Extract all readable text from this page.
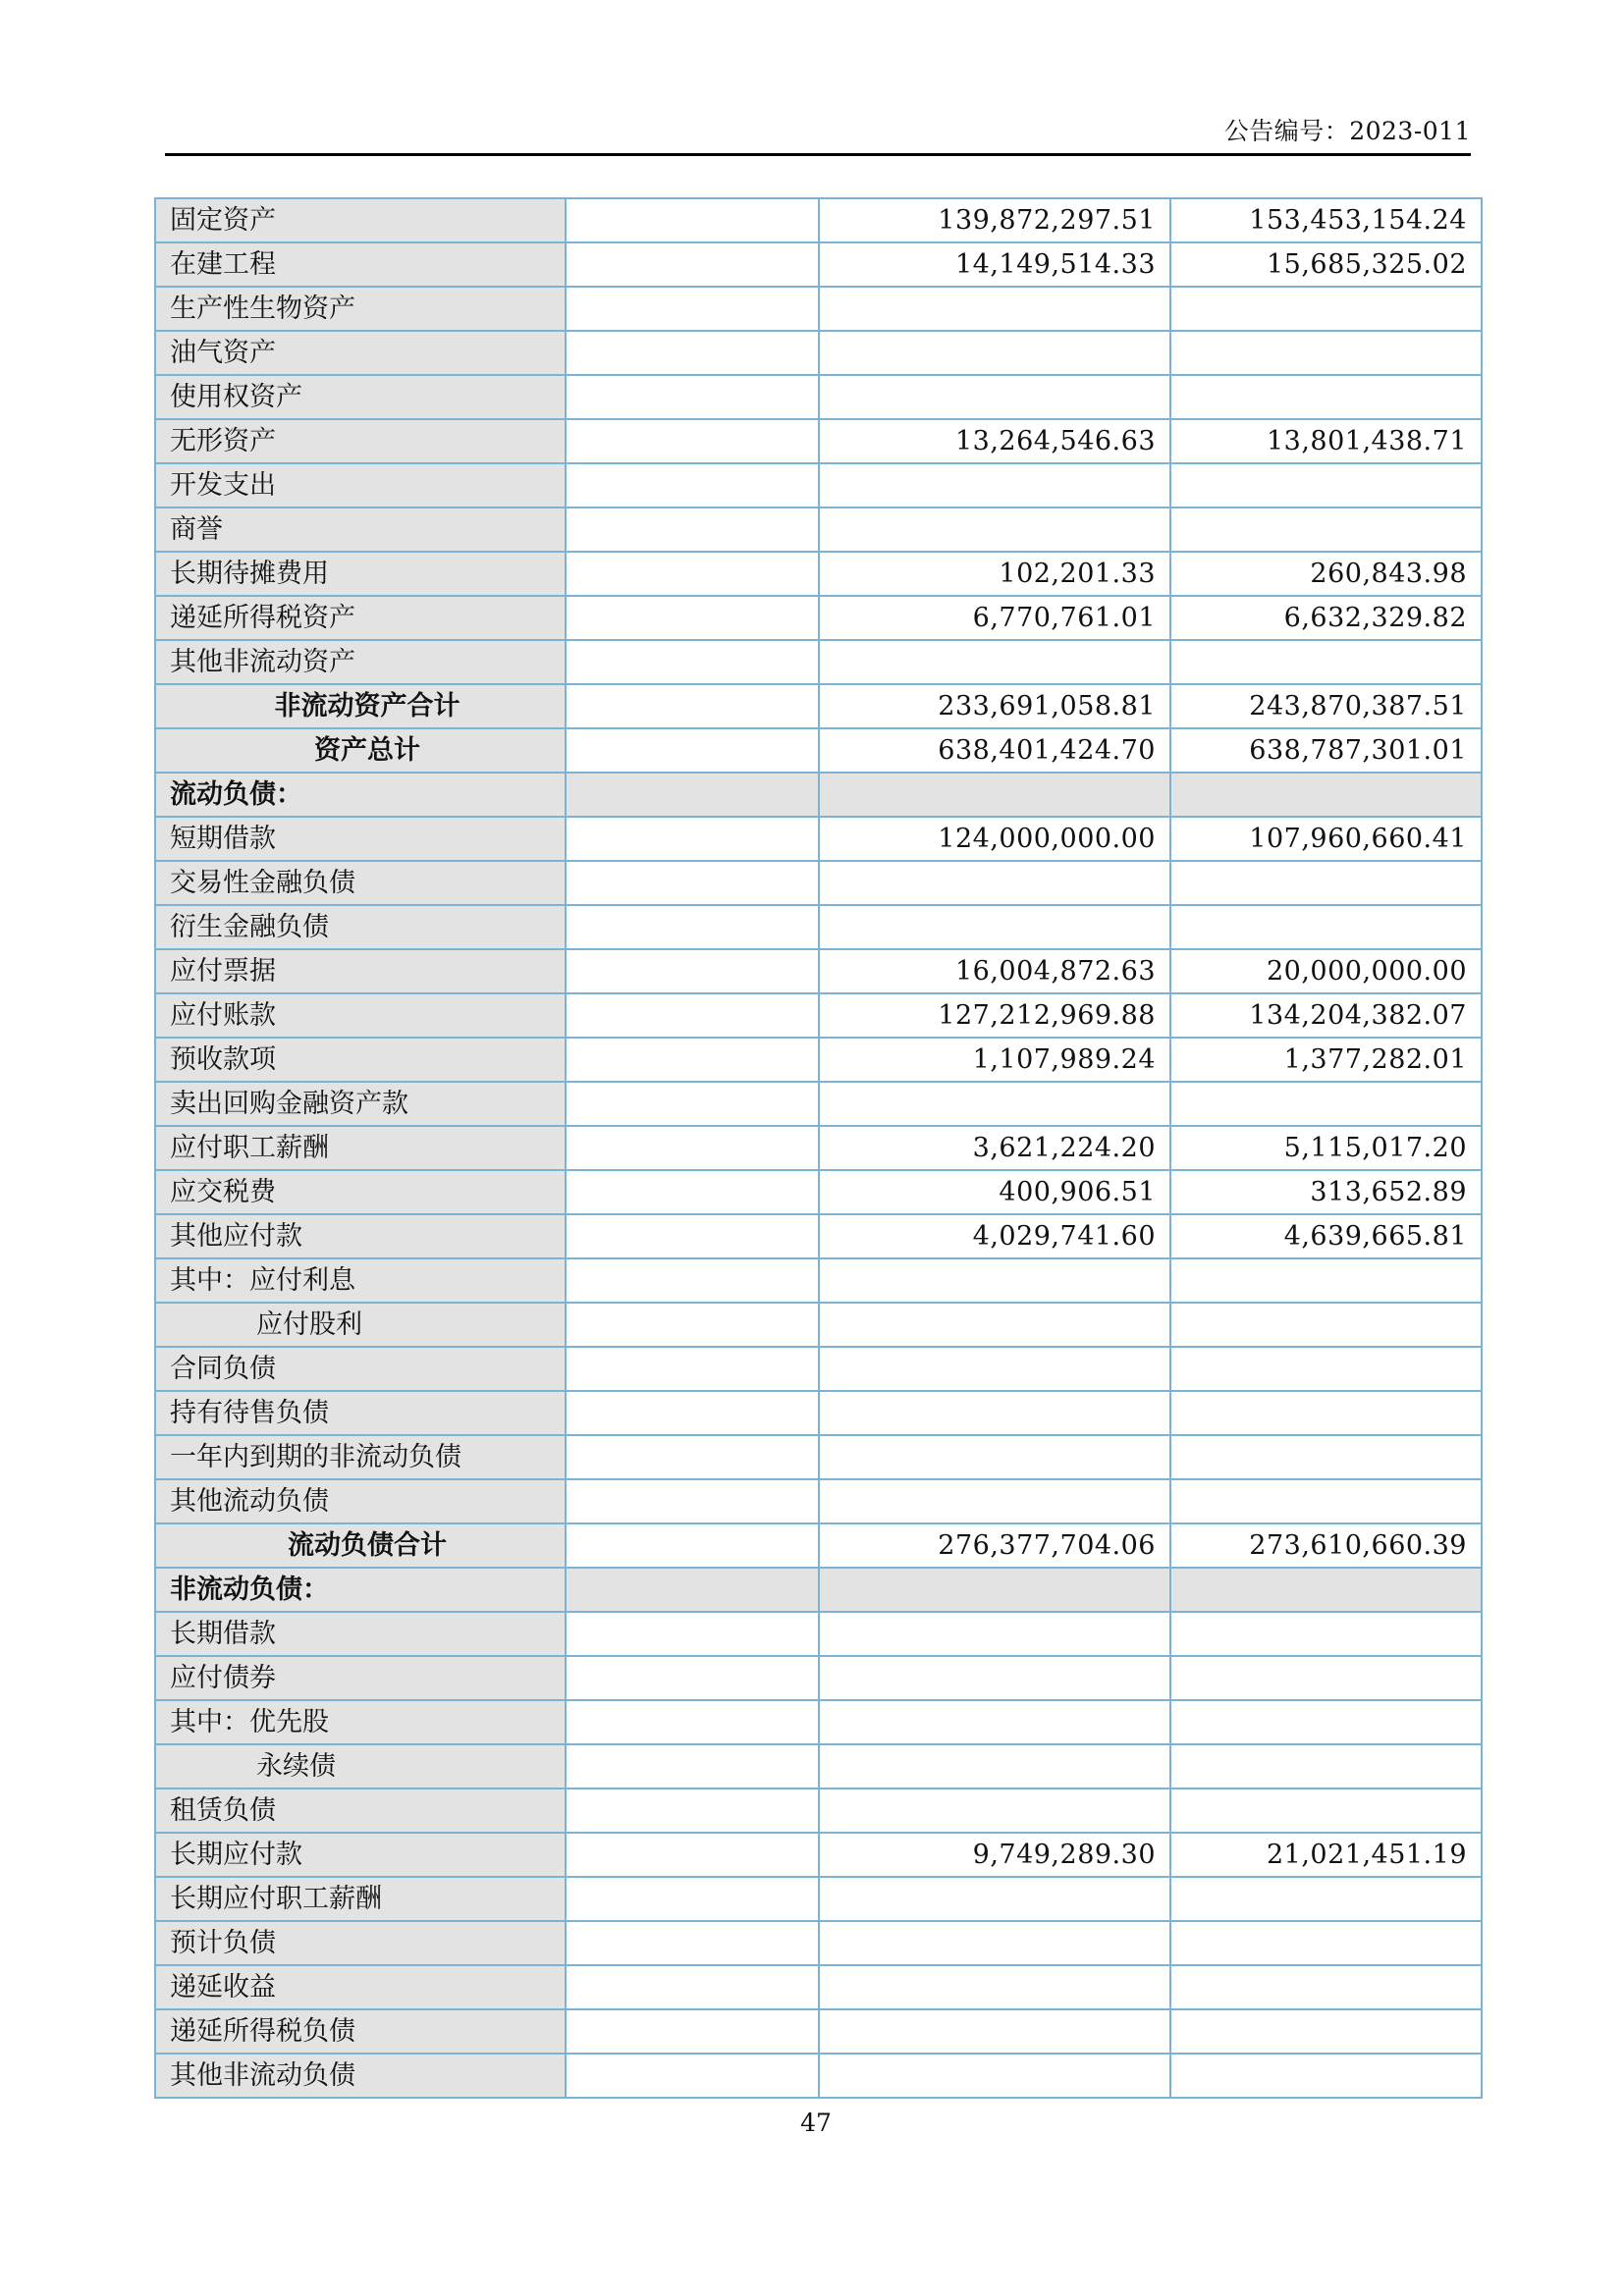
公告编号：2023-011
固定资产		139,872,297.51	153,453,154.24
在建工程		14,149,514.33	15,685,325.02
生产性生物资产			
油气资产			
使用权资产			
无形资产		13,264,546.63	13,801,438.71
开发支出			
商誉			
长期待摊费用		102,201.33	260,843.98
递延所得税资产		6,770,761.01	6,632,329.82
其他非流动资产			
非流动资产合计		233,691,058.81	243,870,387.51
资产总计		638,401,424.70	638,787,301.01
流动负债：			
短期借款		124,000,000.00	107,960,660.41
交易性金融负债			
衍生金融负债			
应付票据		16,004,872.63	20,000,000.00
应付账款		127,212,969.88	134,204,382.07
预收款项		1,107,989.24	1,377,282.01
卖出回购金融资产款			
应付职工薪酬		3,621,224.20	5,115,017.20
应交税费		400,906.51	313,652.89
其他应付款		4,029,741.60	4,639,665.81
其中：应付利息			
应付股利			
合同负债			
持有待售负债			
一年内到期的非流动负债			
其他流动负债			
流动负债合计		276,377,704.06	273,610,660.39
非流动负债：			
长期借款			
应付债券			
其中：优先股			
永续债			
租赁负债			
长期应付款		9,749,289.30	21,021,451.19
长期应付职工薪酬			
预计负债			
递延收益			
递延所得税负债			
其他非流动负债			
47
